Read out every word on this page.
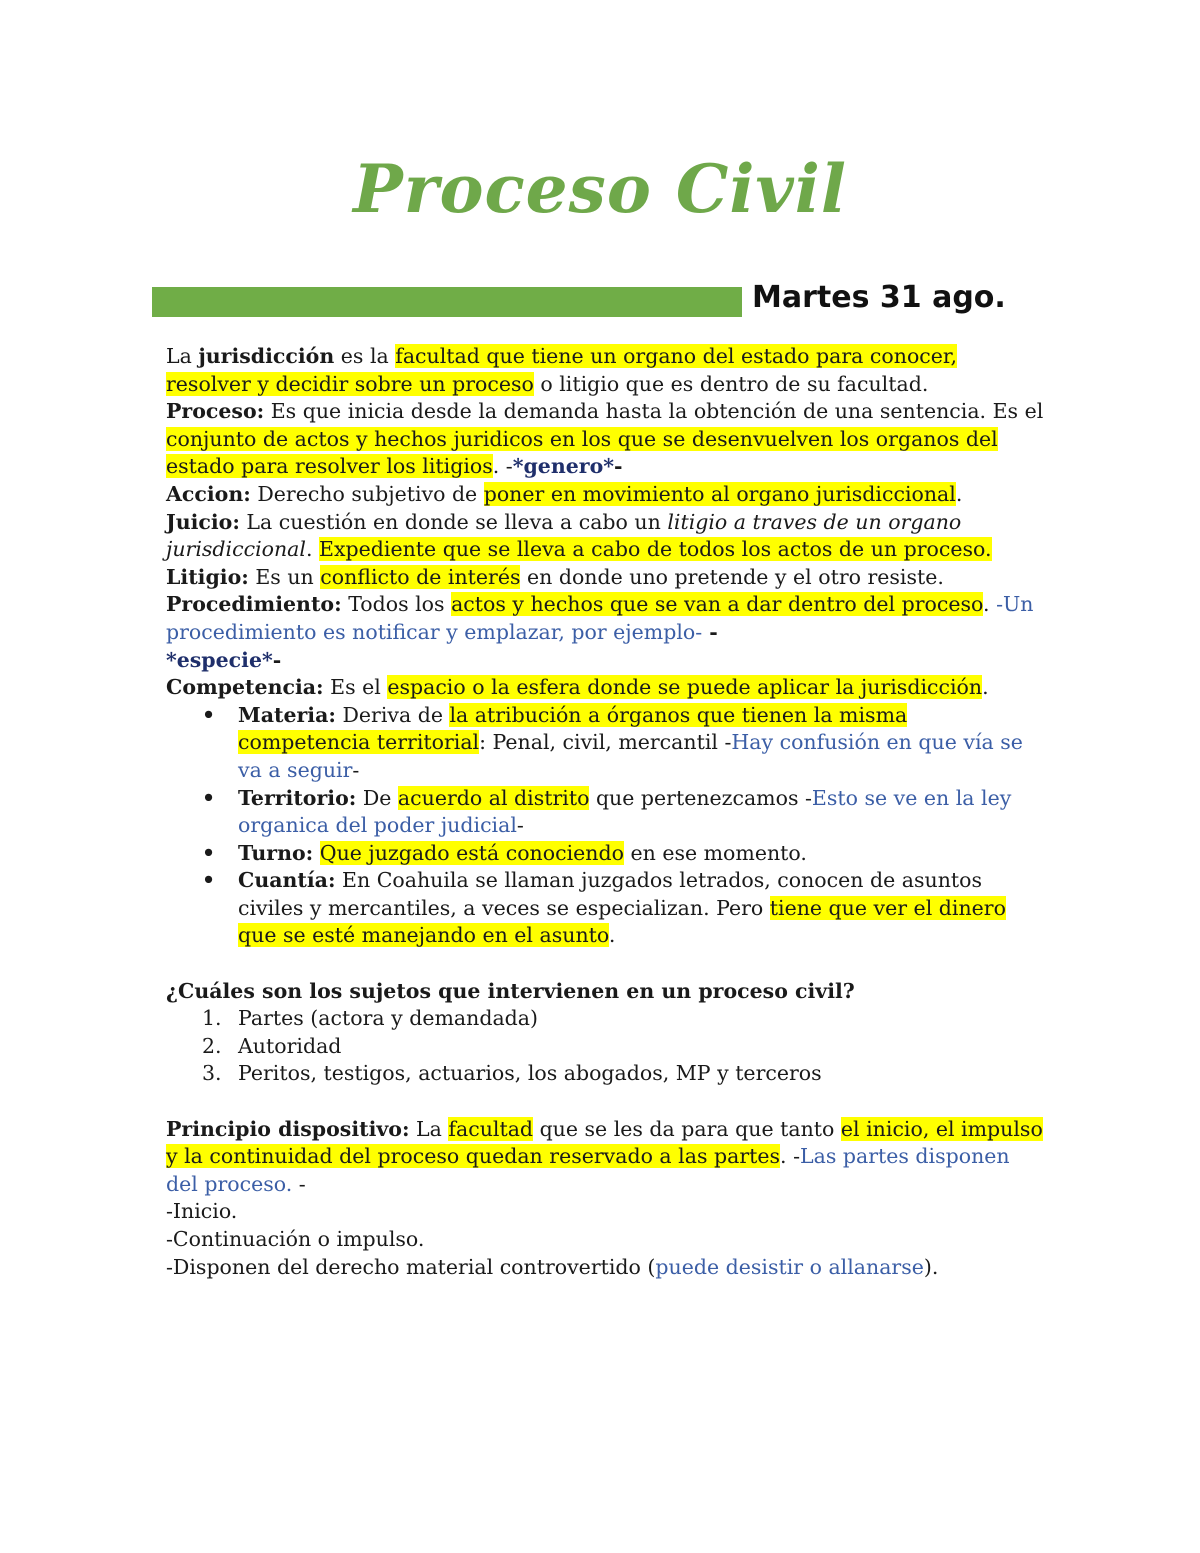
Proceso Civil
Martes 31 ago.

La jurisdicción es la facultad que tiene un organo del estado para conocer, resolver y decidir sobre un proceso o litigio que es dentro de su facultad.

Proceso: Es que inicia desde la demanda hasta la obtención de una sentencia. Es el conjunto de actos y hechos juridicos en los que se desenvuelven los organos del estado para resolver los litigios. -*genero*-

Accion: Derecho subjetivo de poner en movimiento al organo jurisdiccional.

Juicio: La cuestión en donde se lleva a cabo un litigio a traves de un organo jurisdiccional. Expediente que se lleva a cabo de todos los actos de un proceso.

Litigio: Es un conflicto de interés en donde uno pretende y el otro resiste.

Procedimiento: Todos los actos y hechos que se van a dar dentro del proceso. -Un procedimiento es notificar y emplazar, por ejemplo- -
*especie*-

Competencia: Es el espacio o la esfera donde se puede aplicar la jurisdicción.

• Materia: Deriva de la atribución a órganos que tienen la misma competencia territorial: Penal, civil, mercantil -Hay confusión en que vía se va a seguir-
• Territorio: De acuerdo al distrito que pertenezcamos -Esto se ve en la ley organica del poder judicial-
• Turno: Que juzgado está conociendo en ese momento.
• Cuantía: En Coahuila se llaman juzgados letrados, conocen de asuntos civiles y mercantiles, a veces se especializan. Pero tiene que ver el dinero que se esté manejando en el asunto.

¿Cuáles son los sujetos que intervienen en un proceso civil?

1. Partes (actora y demandada)
2. Autoridad
3. Peritos, testigos, actuarios, los abogados, MP y terceros

Principio dispositivo: La facultad que se les da para que tanto el inicio, el impulso y la continuidad del proceso quedan reservado a las partes. -Las partes disponen del proceso. -

-Inicio.

-Continuación o impulso.

-Disponen del derecho material controvertido (puede desistir o allanarse).
